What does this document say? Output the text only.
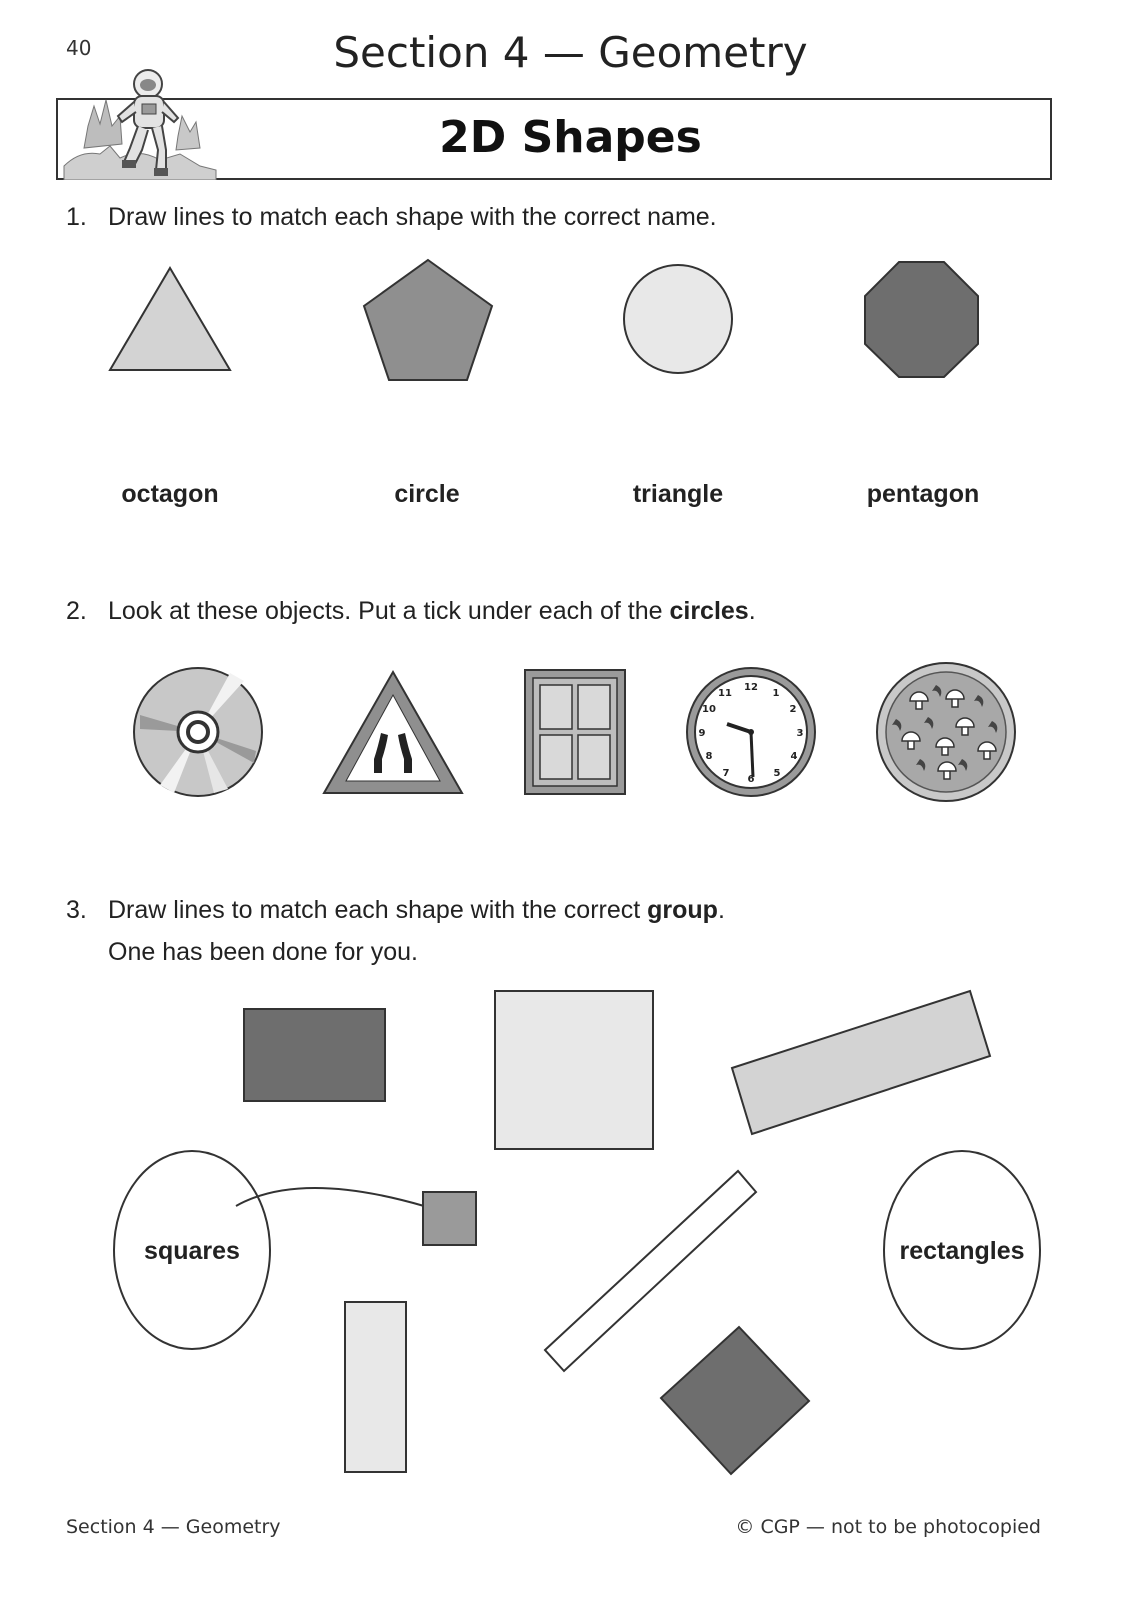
40	Section 4 — Geometry
2D Shapes
1. Draw lines to match each shape with the correct name.
octagon	circle	triangle	pentagon
2. Look at these objects. Put a tick under each of the circles.
12
1
2
3
4
5
6
7
8
9
10
11
3. Draw lines to match each shape with the correct group.
One has been done for you.
squares	rectangles
Section 4 — Geometry	© CGP — not to be photocopied
